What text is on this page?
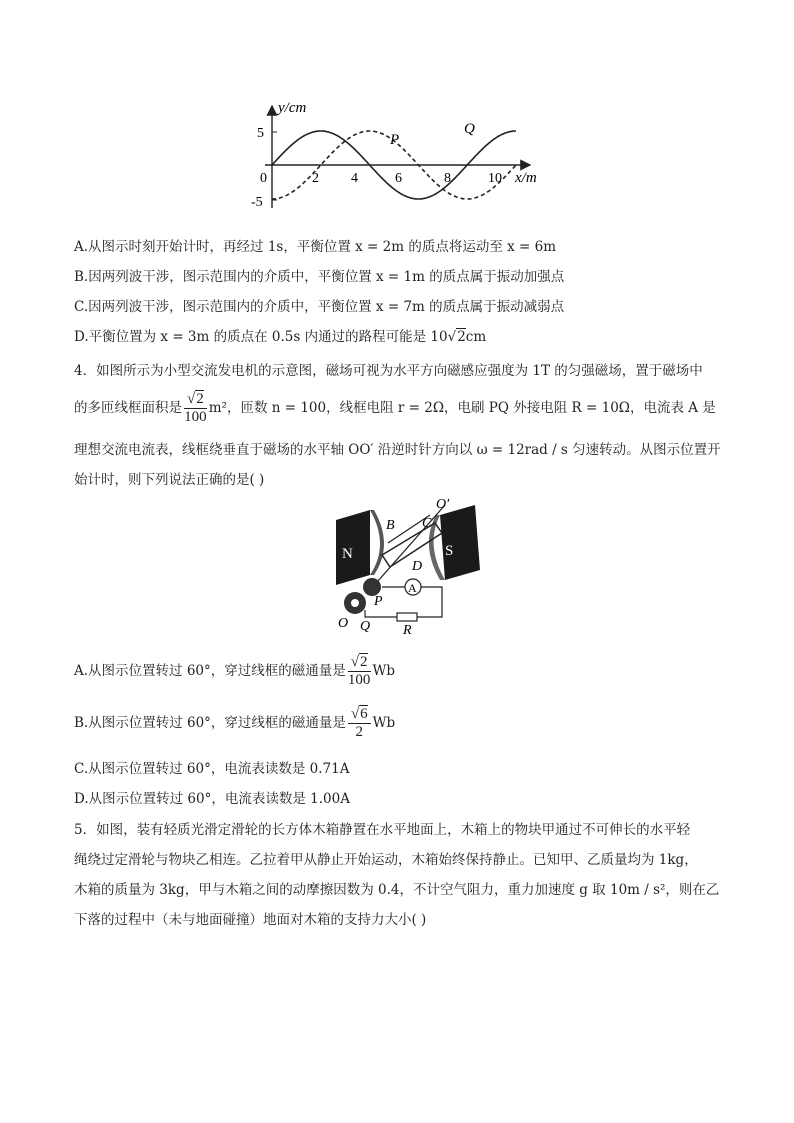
y/cm
x/m
5
-5
0	2 4	6	8	10
P
Q
A.从图示时刻开始计时，再经过 1s，平衡位置 x = 2m 的质点将运动至 x = 6m
B.因两列波干涉，图示范围内的介质中，平衡位置 x = 1m 的质点属于振动加强点
C.因两列波干涉，图示范围内的介质中，平衡位置 x = 7m 的质点属于振动减弱点
D.平衡位置为 x = 3m 的质点在 0.5s 内通过的路程可能是 10√2cm
4．如图所示为小型交流发电机的示意图，磁场可视为水平方向磁感应强度为 1T 的匀强磁场，置于磁场中
的多匝线框面积是 $\frac{√2}{100} m^2$，匝数 n = 100，线框电阻 r = 2Ω，电刷 PQ 外接电阻 R = 10Ω，电流表 A 是
理想交流电流表，线框绕垂直于磁场的水平轴 OO′ 沿逆时针方向以 ω = 12rad / s 匀速转动。从图示位置开
始计时，则下列说法正确的是( )
N	S
A
B C
O′
D
P
O Q R
A.从图示位置转过 60°，穿过线框的磁通量是 $\frac{√2}{100}$ Wb
B.从图示位置转过 60°，穿过线框的磁通量是 $\frac{√6}{2}$ Wb
C.从图示位置转过 60°，电流表读数是 0.71A
D.从图示位置转过 60°，电流表读数是 1.00A
5．如图，装有轻质光滑定滑轮的长方体木箱静置在水平地面上，木箱上的物块甲通过不可伸长的水平轻
绳绕过定滑轮与物块乙相连。乙拉着甲从静止开始运动，木箱始终保持静止。已知甲、乙质量均为 1kg，
木箱的质量为 3kg，甲与木箱之间的动摩擦因数为 0.4，不计空气阻力，重力加速度 g 取 10m / s²，则在乙
下落的过程中（未与地面碰撞）地面对木箱的支持力大小( )
